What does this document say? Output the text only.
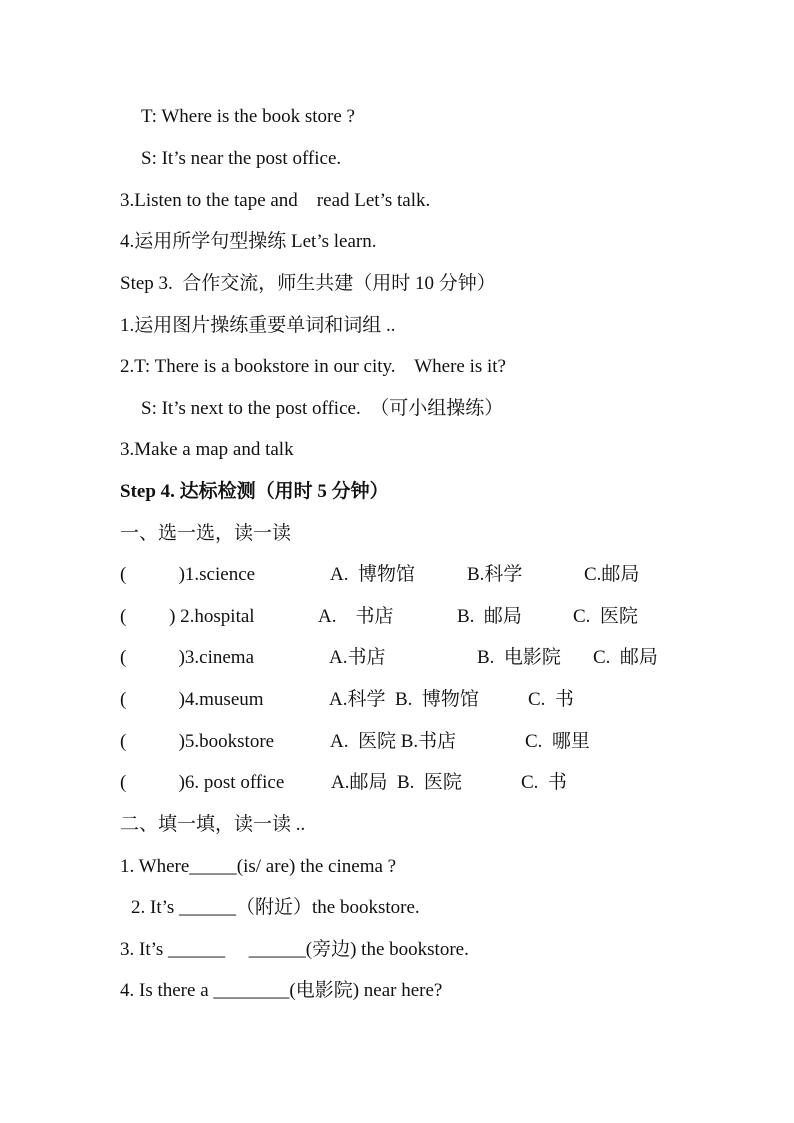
T: Where is the book store ?
S: It’s near the post office.
3.Listen to the tape and    read Let’s talk.
4.运用所学句型操练 Let’s learn.
Step 3.  合作交流，师生共建（用时 10 分钟）
1.运用图片操练重要单词和词组 ..
2.T: There is a bookstore in our city.    Where is it?
S: It’s next to the post office.  （可小组操练）
3.Make a map and talk
Step 4. 达标检测（用时 5 分钟）
一、选一选，读一读
(           )1.science	A.  博物馆	B.科学	C.邮局
(         ) 2.hospital	A.    书店	B.  邮局	C.  医院
(           )3.cinema	A.书店	B.  电影院 C.  邮局
(           )4.museum	A.科学  B.  博物馆	C.  书
(           )5.bookstore	A.  医院 B.书店	C.  哪里
(           )6. post office A.邮局  B.  医院	C.  书
二、填一填，读一读 ..
1. Where_____(is/ are) the cinema ?
2. It’s ______（附近）the bookstore.
3. It’s ______     ______(旁边) the bookstore.
4. Is there a ________(电影院) near here?
